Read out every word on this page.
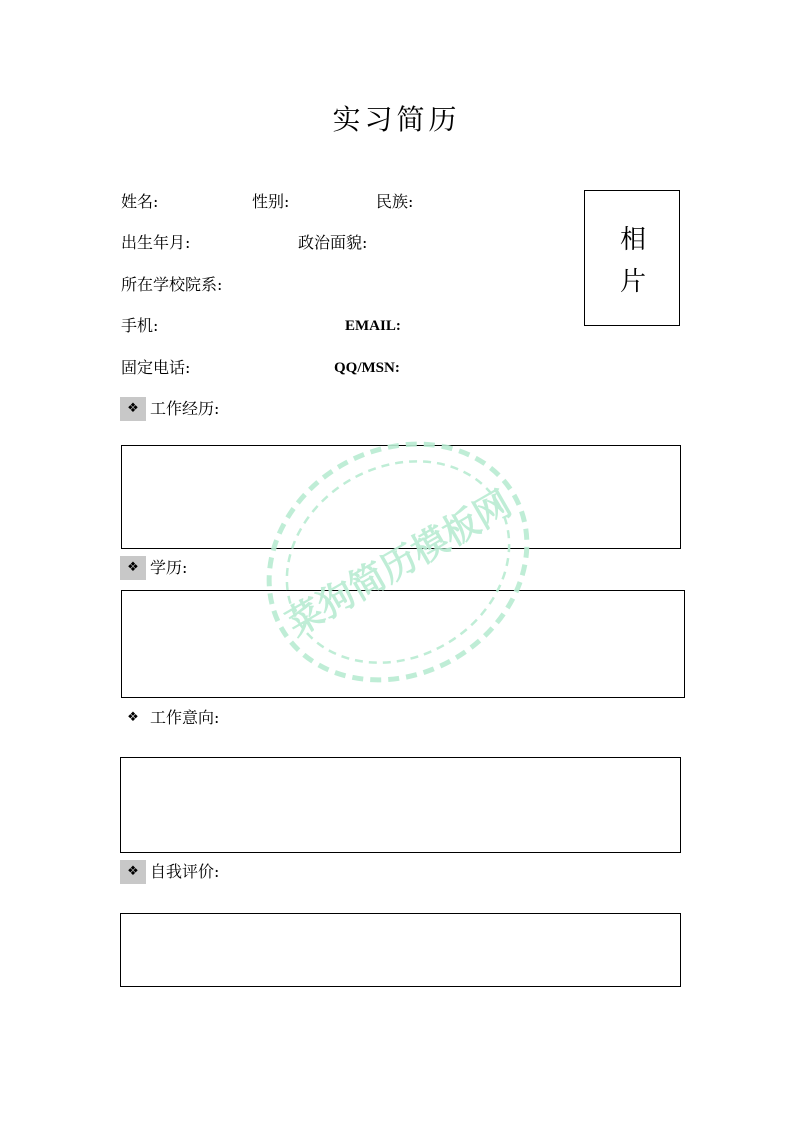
实习简历
姓名:	性别:	民族:
出生年月:	政治面貌:
所在学校院系:
手机:	EMAIL:
固定电话:	QQ/MSN:
相
片
❖ 工作经历:
❖ 学历:
❖ 工作意向:
❖ 自我评价:
菜狗简历模板网
